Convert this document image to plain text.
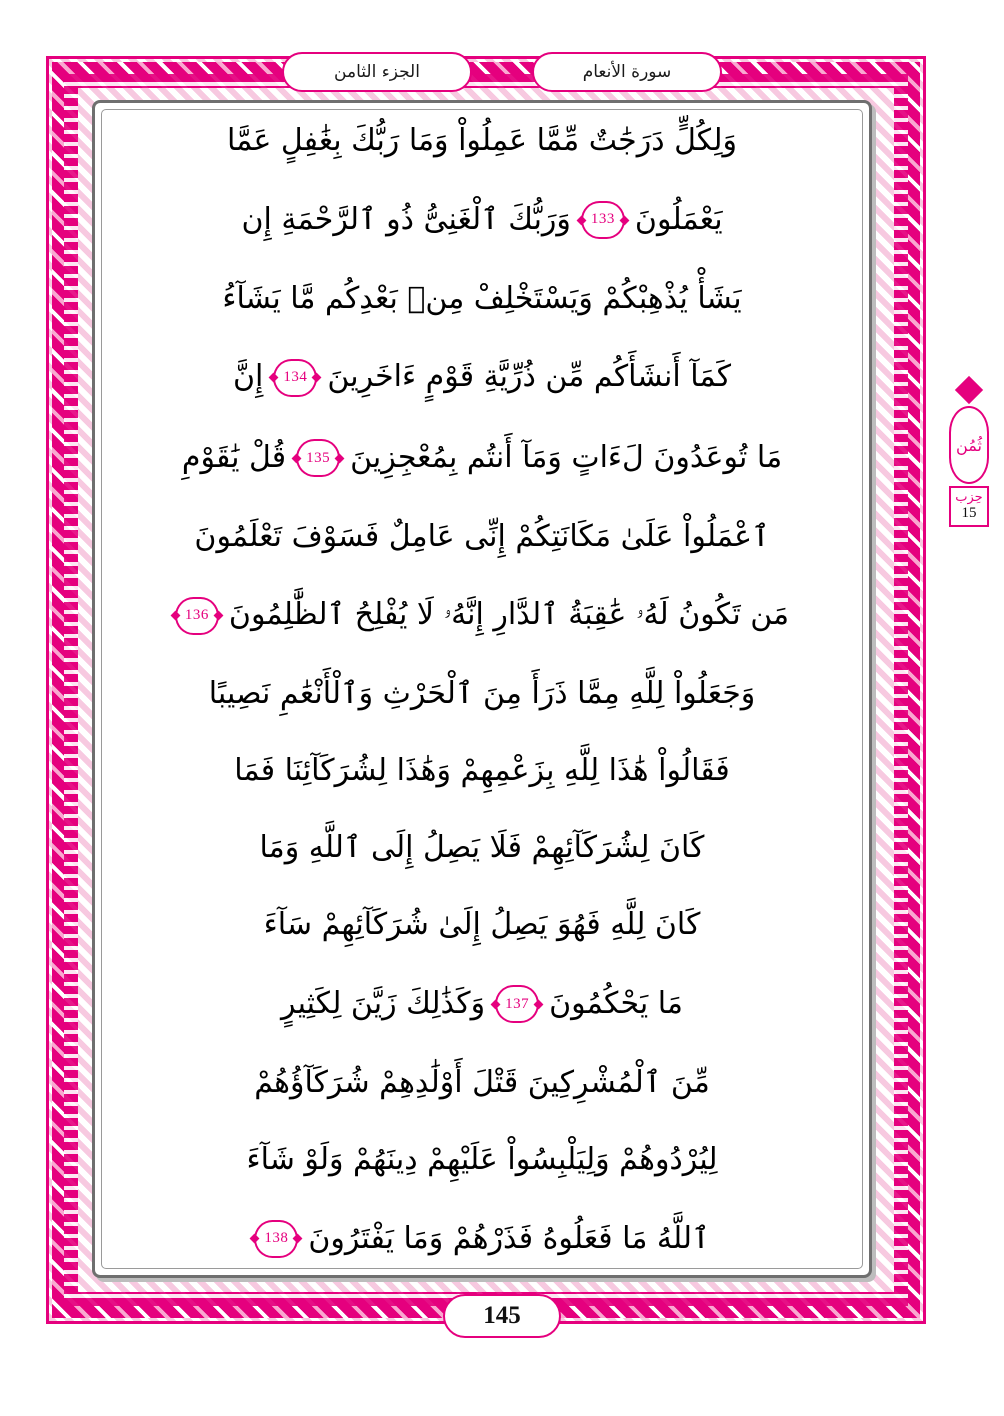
الجزء الثامن	سورة الأنعام
ثُمُن
حِزب
15
وَلِكُلٍّ دَرَجَٰتٌ مِّمَّا عَمِلُواْ وَمَا رَبُّكَ بِغَٰفِلٍ عَمَّا
يَعْمَلُونَ
133
وَرَبُّكَ ٱلْغَنِىُّ ذُو ٱلرَّحْمَةِ إِن
يَشَأْ يُذْهِبْكُمْ وَيَسْتَخْلِفْ مِنۢ بَعْدِكُم مَّا يَشَآءُ
كَمَآ أَنشَأَكُم مِّن ذُرِّيَّةِ قَوْمٍ ءَاخَرِينَ
134
إِنَّ
مَا تُوعَدُونَ لَءَاتٍ وَمَآ أَنتُم بِمُعْجِزِينَ
135
قُلْ يَٰقَوْمِ
ٱعْمَلُواْ عَلَىٰ مَكَانَتِكُمْ إِنِّى عَامِلٌ فَسَوْفَ تَعْلَمُونَ
مَن تَكُونُ لَهُۥ عَٰقِبَةُ ٱلدَّارِ إِنَّهُۥ لَا يُفْلِحُ ٱلظَّٰلِمُونَ
136
وَجَعَلُواْ لِلَّهِ مِمَّا ذَرَأَ مِنَ ٱلْحَرْثِ وَٱلْأَنْعَٰمِ نَصِيبًا
فَقَالُواْ هَٰذَا لِلَّهِ بِزَعْمِهِمْ وَهَٰذَا لِشُرَكَآئِنَا فَمَا
كَانَ لِشُرَكَآئِهِمْ فَلَا يَصِلُ إِلَى ٱللَّهِ وَمَا
كَانَ لِلَّهِ فَهُوَ يَصِلُ إِلَىٰ شُرَكَآئِهِمْ سَآءَ
مَا يَحْكُمُونَ
137
وَكَذَٰلِكَ زَيَّنَ لِكَثِيرٍ
مِّنَ ٱلْمُشْرِكِينَ قَتْلَ أَوْلَٰدِهِمْ شُرَكَآؤُهُمْ
لِيُرْدُوهُمْ وَلِيَلْبِسُواْ عَلَيْهِمْ دِينَهُمْ وَلَوْ شَآءَ
ٱللَّهُ مَا فَعَلُوهُ فَذَرْهُمْ وَمَا يَفْتَرُونَ
138
145
